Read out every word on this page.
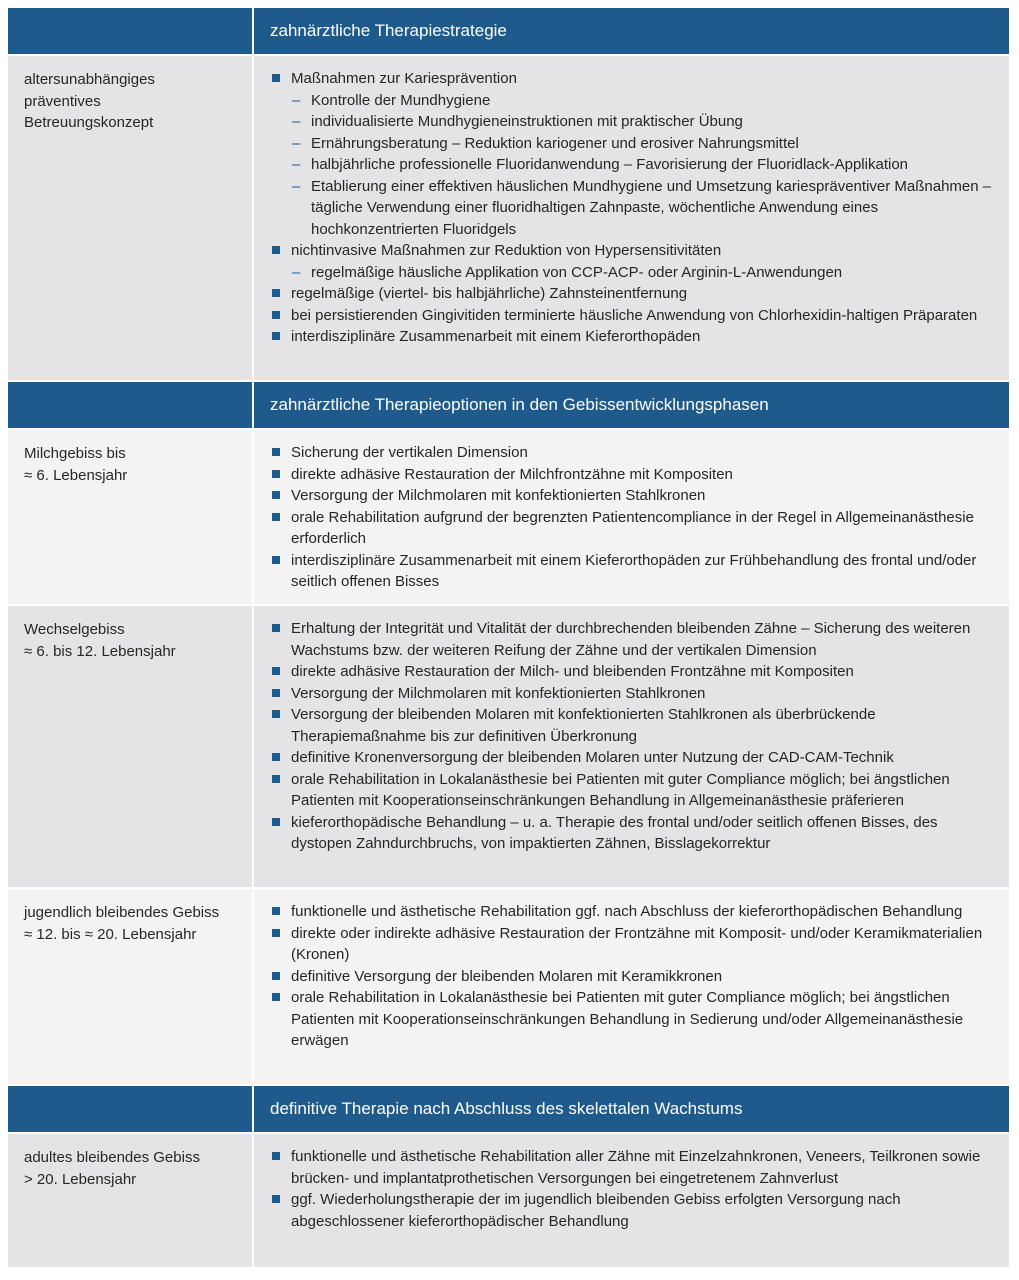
zahnärztliche Therapiestrategie
altersunabhängiges
präventives
Betreuungskonzept
Maßnahmen zur Kariesprävention
– Kontrolle der Mundhygiene
– individualisierte Mundhygieneinstruktionen mit praktischer Übung
– Ernährungsberatung – Reduktion kariogener und erosiver Nahrungsmittel
– halbjährliche professionelle Fluoridanwendung – Favorisierung der Fluoridlack-Applikation
– Etablierung einer effektiven häuslichen Mundhygiene und Umsetzung kariespräventiver Maßnahmen – tägliche Verwendung einer fluoridhaltigen Zahnpaste, wöchentliche Anwendung eines hochkonzentrierten Fluoridgels
nichtinvasive Maßnahmen zur Reduktion von Hypersensitivitäten
– regelmäßige häusliche Applikation von CCP-ACP- oder Arginin-L-Anwendungen
regelmäßige (viertel- bis halbjährliche) Zahnsteinentfernung
bei persistierenden Gingivitiden terminierte häusliche Anwendung von Chlorhexidin-haltigen Präparaten
interdisziplinäre Zusammenarbeit mit einem Kieferorthopäden
zahnärztliche Therapieoptionen in den Gebissentwicklungsphasen
Milchgebiss bis
≈ 6. Lebensjahr
Sicherung der vertikalen Dimension
direkte adhäsive Restauration der Milchfrontzähne mit Kompositen
Versorgung der Milchmolaren mit konfektionierten Stahlkronen
orale Rehabilitation aufgrund der begrenzten Patientencompliance in der Regel in Allgemeinanästhesie erforderlich
interdisziplinäre Zusammenarbeit mit einem Kieferorthopäden zur Frühbehandlung des frontal und/oder seitlich offenen Bisses
Wechselgebiss
≈ 6. bis 12. Lebensjahr
Erhaltung der Integrität und Vitalität der durchbrechenden bleibenden Zähne – Sicherung des weiteren Wachstums bzw. der weiteren Reifung der Zähne und der vertikalen Dimension
direkte adhäsive Restauration der Milch- und bleibenden Frontzähne mit Kompositen
Versorgung der Milchmolaren mit konfektionierten Stahlkronen
Versorgung der bleibenden Molaren mit konfektionierten Stahlkronen als überbrückende Therapiemaßnahme bis zur definitiven Überkronung
definitive Kronenversorgung der bleibenden Molaren unter Nutzung der CAD-CAM-Technik
orale Rehabilitation in Lokalanästhesie bei Patienten mit guter Compliance möglich; bei ängstlichen Patienten mit Kooperationseinschränkungen Behandlung in Allgemeinanästhesie präferieren
kieferorthopädische Behandlung – u. a. Therapie des frontal und/oder seitlich offenen Bisses, des dystopen Zahndurchbruchs, von impaktierten Zähnen, Bisslagekorrektur
jugendlich bleibendes Gebiss
≈ 12. bis ≈ 20. Lebensjahr
funktionelle und ästhetische Rehabilitation ggf. nach Abschluss der kieferorthopädischen Behandlung
direkte oder indirekte adhäsive Restauration der Frontzähne mit Komposit- und/oder Keramikmaterialien (Kronen)
definitive Versorgung der bleibenden Molaren mit Keramikkronen
orale Rehabilitation in Lokalanästhesie bei Patienten mit guter Compliance möglich; bei ängstlichen Patienten mit Kooperationseinschränkungen Behandlung in Sedierung und/oder Allgemeinanästhesie erwägen
definitive Therapie nach Abschluss des skelettalen Wachstums
adultes bleibendes Gebiss
> 20. Lebensjahr
funktionelle und ästhetische Rehabilitation aller Zähne mit Einzelzahnkronen, Veneers, Teilkronen sowie brücken- und implantatprothetischen Versorgungen bei eingetretenem Zahnverlust
ggf. Wiederholungstherapie der im jugendlich bleibenden Gebiss erfolgten Versorgung nach abgeschlossener kieferorthopädischer Behandlung
